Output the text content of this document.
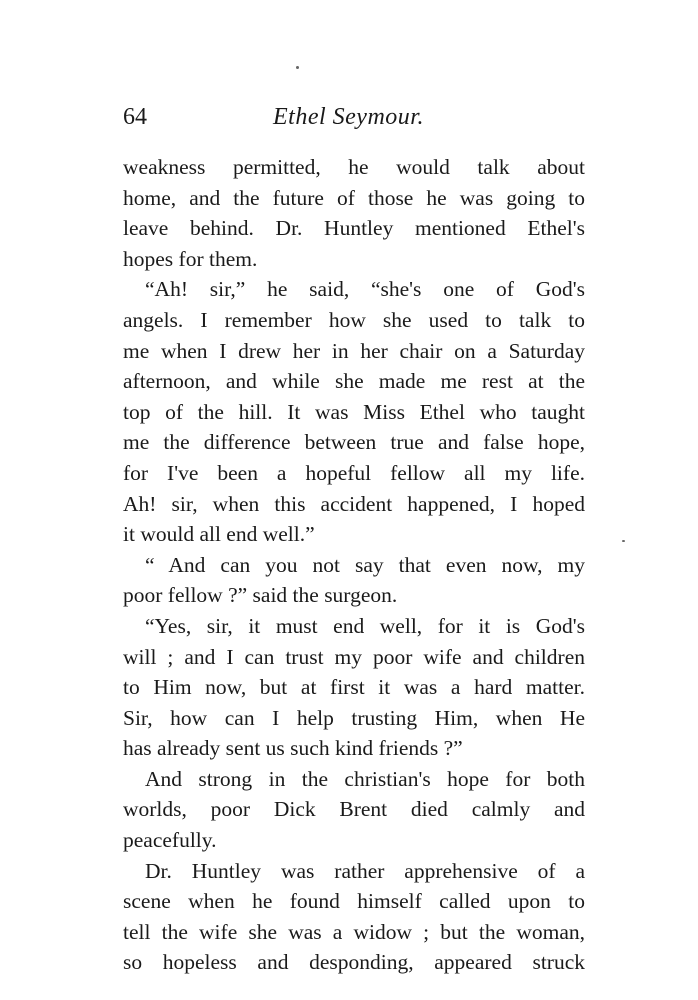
64	Ethel Seymour.
weakness permitted, he would talk about
home, and the future of those he was going to
leave behind. Dr. Huntley mentioned Ethel's
hopes for them.
“Ah! sir,” he said, “she's one of God's
angels. I remember how she used to talk to
me when I drew her in her chair on a Saturday
afternoon, and while she made me rest at the
top of the hill. It was Miss Ethel who taught
me the difference between true and false hope,
for I've been a hopeful fellow all my life.
Ah! sir, when this accident happened, I hoped
it would all end well.”
“ And can you not say that even now, my
poor fellow ?” said the surgeon.
“Yes, sir, it must end well, for it is God's
will ; and I can trust my poor wife and children
to Him now, but at first it was a hard matter.
Sir, how can I help trusting Him, when He
has already sent us such kind friends ?”
And strong in the christian's hope for both
worlds, poor Dick Brent died calmly and
peacefully.
Dr. Huntley was rather apprehensive of a
scene when he found himself called upon to
tell the wife she was a widow ; but the woman,
so hopeless and desponding, appeared struck
